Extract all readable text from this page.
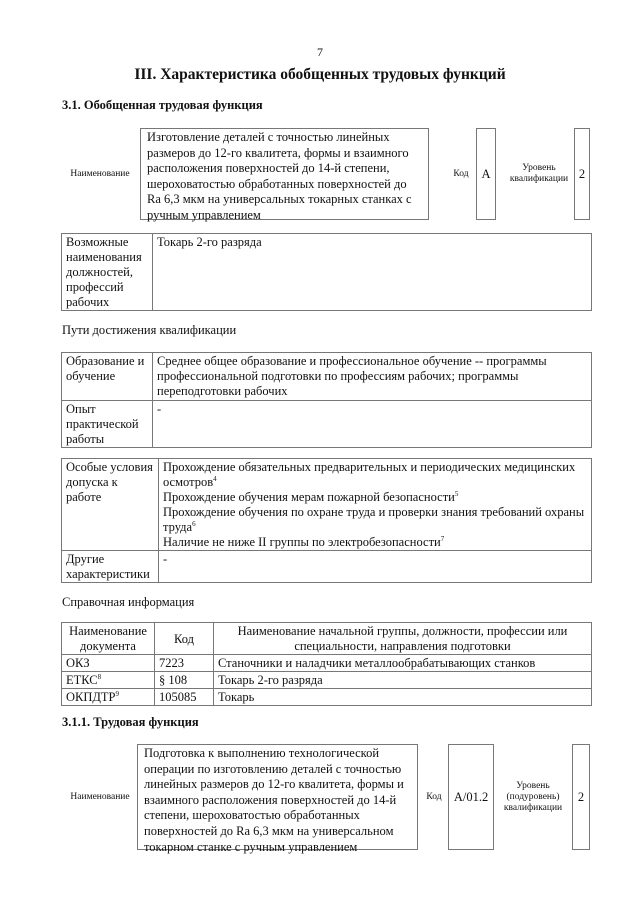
7
III. Характеристика обобщенных трудовых функций
3.1. Обобщенная трудовая функция
Наименование
Изготовление деталей с точностью линейных размеров до 12-го квалитета, формы и взаимного расположения поверхностей до 14-й степени, шероховатостью обработанных поверхностей до Ra 6,3 мкм на универсальных токарных станках с ручным управлением
Код	А	Уровень квалификации 2
Возможные наименования должностей, профессий рабочих	Токарь 2-го разряда
Пути достижения квалификации
Образование и обучение	Среднее общее образование и профессиональное обучение -- программы профессиональной подготовки по профессиям рабочих; программы переподготовки рабочих
Опыт практической работы	-
Особые условия допуска к работе	Прохождение обязательных предварительных и периодических медицинских осмотров$^4$
Прохождение обучения мерам пожарной безопасности$^5$
Прохождение обучения по охране труда и проверки знания требований охраны труда$^6$
Наличие не ниже II группы по электробезопасности$^7$

Другие характеристики	-
Справочная информация
Наименование документа	Код	Наименование начальной группы, должности, профессии или специальности, направления подготовки
ОКЗ	7223	Станочники и наладчики металлообрабатывающих станков
ЕТКС$^8$	§ 108	Токарь 2-го разряда
ОКПДТР$^9$	105085	Токарь
3.1.1. Трудовая функция
Наименование
Подготовка к выполнению технологической операции по изготовлению деталей с точностью линейных размеров до 12-го квалитета, формы и взаимного расположения поверхностей до 14-й степени, шероховатостью обработанных поверхностей до Ra 6,3 мкм на универсальном токарном станке с ручным управлением
Код А/01.2
Уровень (подуровень) квалификации
2
